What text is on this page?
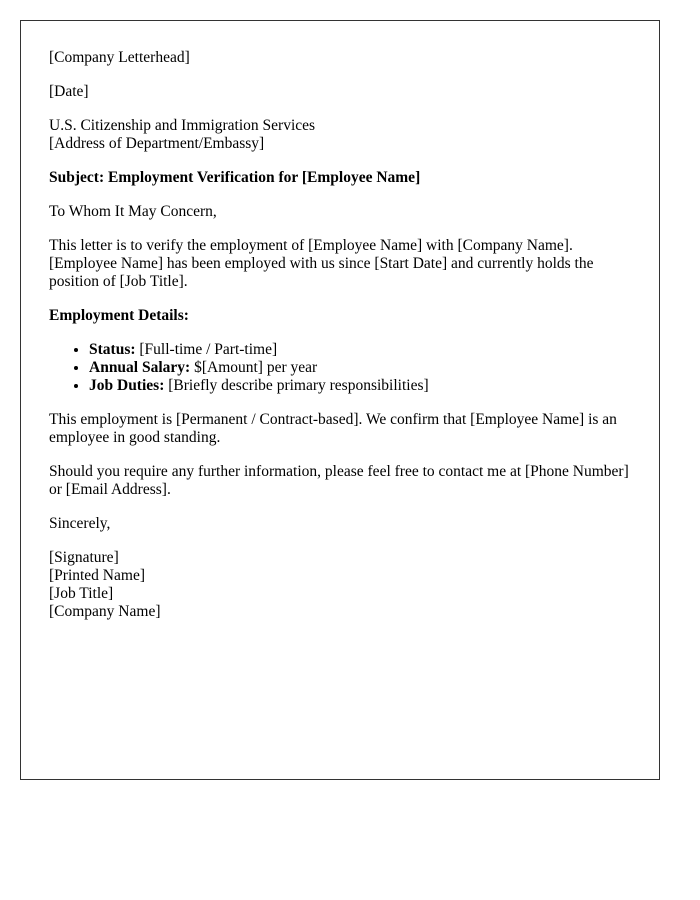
[Company Letterhead]

[Date]

U.S. Citizenship and Immigration Services
[Address of Department/Embassy]

Subject: Employment Verification for [Employee Name]

To Whom It May Concern,

This letter is to verify the employment of [Employee Name] with [Company Name]. [Employee Name] has been employed with us since [Start Date] and currently holds the position of [Job Title].

Employment Details:

• Status: [Full-time / Part-time]
• Annual Salary: $[Amount] per year
• Job Duties: [Briefly describe primary responsibilities]

This employment is [Permanent / Contract-based]. We confirm that [Employee Name] is an employee in good standing.

Should you require any further information, please feel free to contact me at [Phone Number] or [Email Address].

Sincerely,

[Signature]
[Printed Name]
[Job Title]
[Company Name]
